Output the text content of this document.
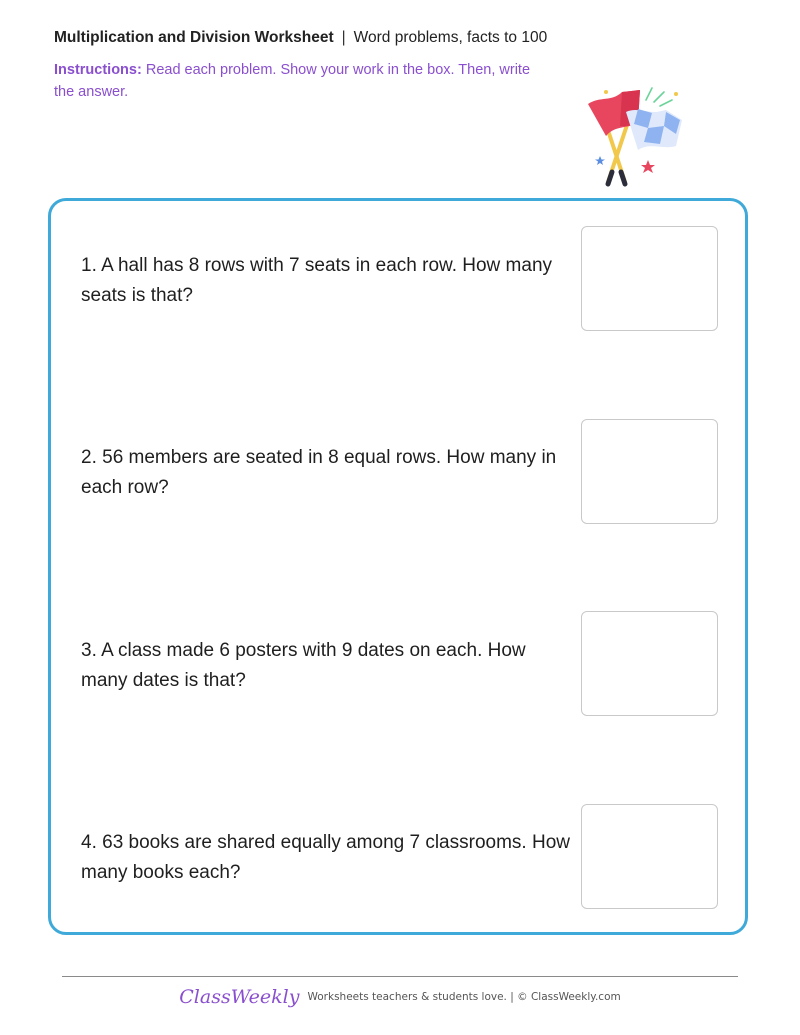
Multiplication and Division Worksheet | Word problems, facts to 100
Instructions: Read each problem. Show your work in the box. Then, write the answer.
1. A hall has 8 rows with 7 seats in each row. How many seats is that?
2. 56 members are seated in 8 equal rows. How many in each row?
3. A class made 6 posters with 9 dates on each. How many dates is that?
4. 63 books are shared equally among 7 classrooms. How many books each?
ClassWeekly Worksheets teachers & students love. | © ClassWeekly.com
